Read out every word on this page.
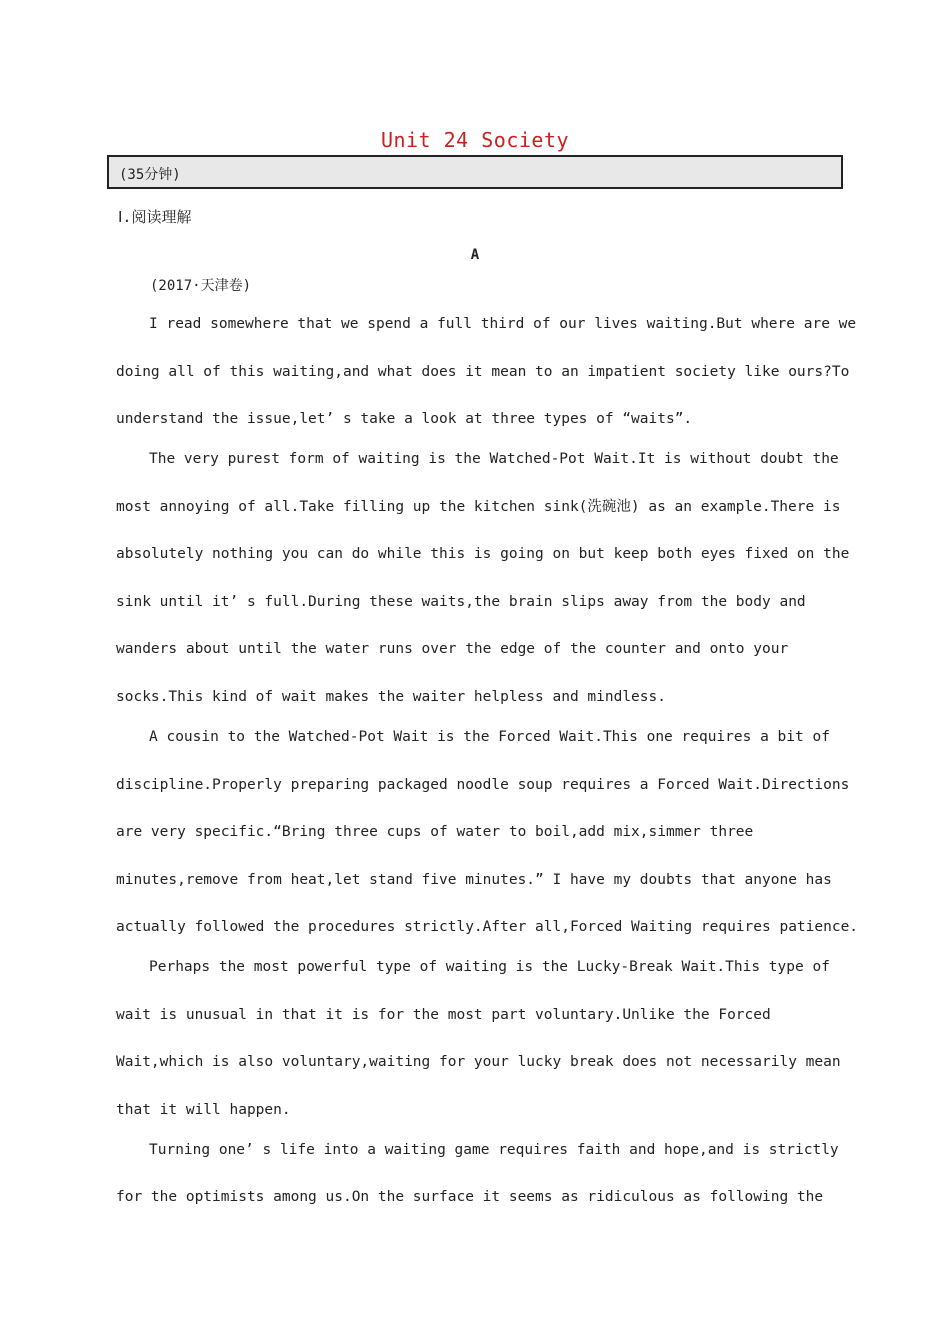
Unit 24 Society
(35分钟)
Ⅰ.阅读理解
A
(2017·天津卷)
I read somewhere that we spend a full third of our lives waiting.But where are we
doing all of this waiting,and what does it mean to an impatient society like ours?To
understand the issue,let’ s take a look at three types of “waits”.
The very purest form of waiting is the Watched-Pot Wait.It is without doubt the
most annoying of all.Take filling up the kitchen sink(洗碗池) as an example.There is
absolutely nothing you can do while this is going on but keep both eyes fixed on the
sink until it’ s full.During these waits,the brain slips away from the body and
wanders about until the water runs over the edge of the counter and onto your
socks.This kind of wait makes the waiter helpless and mindless.
A cousin to the Watched-Pot Wait is the Forced Wait.This one requires a bit of
discipline.Properly preparing packaged noodle soup requires a Forced Wait.Directions
are very specific.“Bring three cups of water to boil,add mix,simmer three
minutes,remove from heat,let stand five minutes.” I have my doubts that anyone has
actually followed the procedures strictly.After all,Forced Waiting requires patience.
Perhaps the most powerful type of waiting is the Lucky-Break Wait.This type of
wait is unusual in that it is for the most part voluntary.Unlike the Forced
Wait,which is also voluntary,waiting for your lucky break does not necessarily mean
that it will happen.
Turning one’ s life into a waiting game requires faith and hope,and is strictly
for the optimists among us.On the surface it seems as ridiculous as following the
